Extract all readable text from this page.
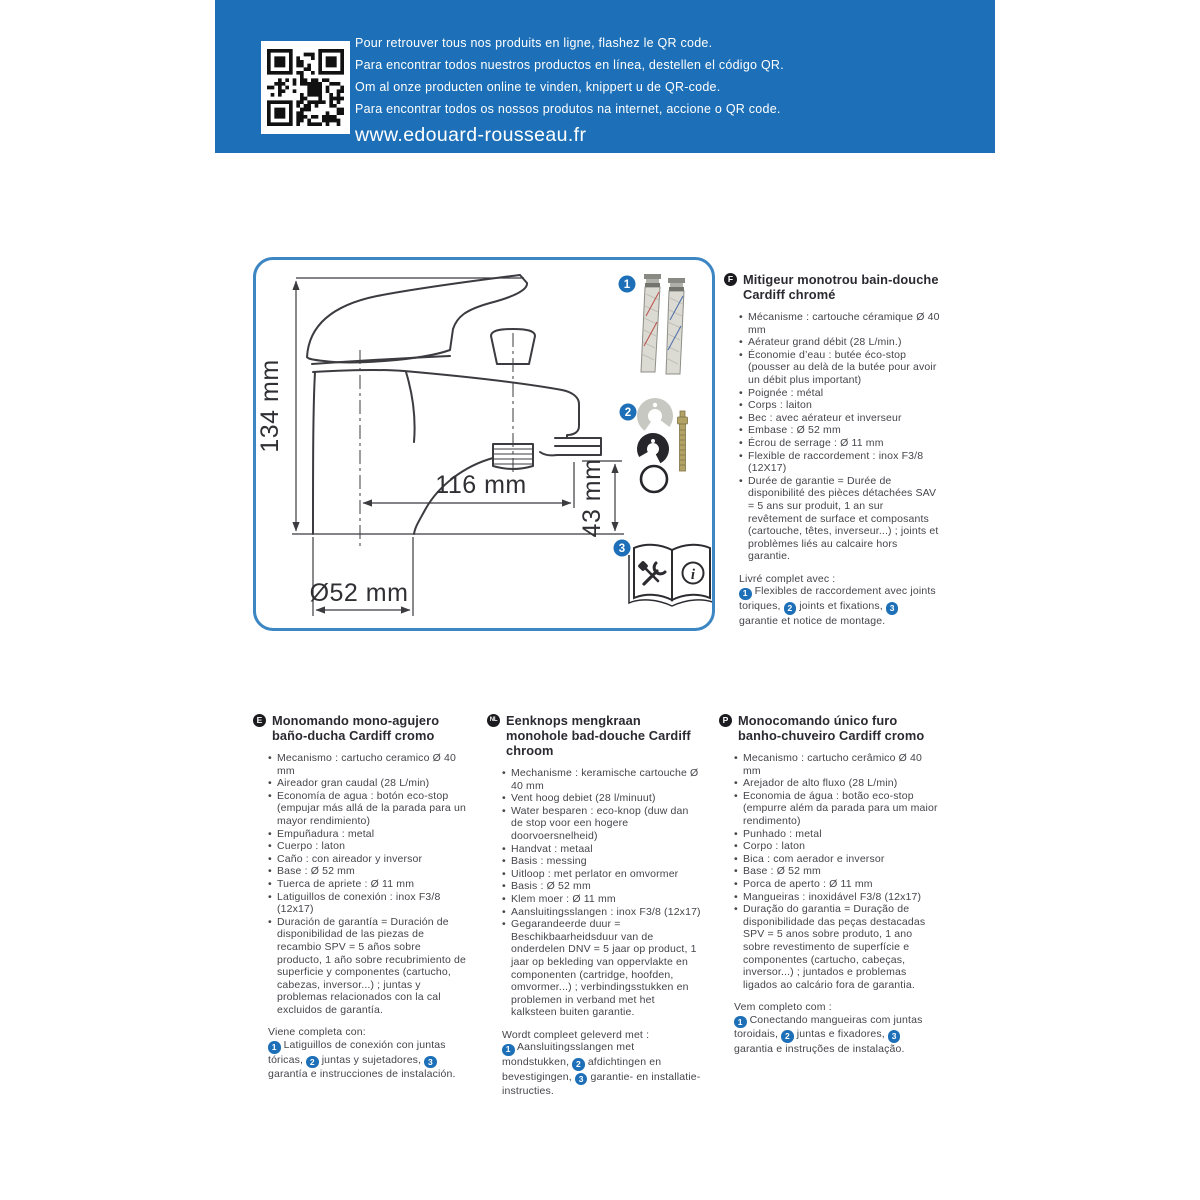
Pour retrouver tous nos produits en ligne, flashez le QR code.

Para encontrar todos nuestros productos en línea, destellen el código QR.

Om al onze producten online te vinden, knippert u de QR-code.

Para encontrar todos os nossos produtos na internet, accione o QR code.

www.edouard-rousseau.fr
134 mm
116 mm 43 mm
Ø52 mm
1
2
3
i
F Mitigeur monotrou bain-douche Cardiff chromé
• Mécanisme : cartouche céramique Ø 40 mm
• Aérateur grand débit (28 L/min.)
• Économie d’eau : butée éco-stop (pousser au delà de la butée pour avoir un débit plus important)
• Poignée : métal
• Corps : laiton
• Bec : avec aérateur et inverseur
• Embase : Ø 52 mm
• Écrou de serrage : Ø 11 mm
• Flexible de raccordement : inox F3/8 (12X17)
• Durée de garantie = Durée de disponibilité des pièces détachées SAV = 5 ans sur produit, 1 an sur revêtement de surface et composants (cartouche, têtes, inverseur...) ; joints et problèmes liés au calcaire hors garantie.

Livré complet avec :
1 Flexibles de raccordement avec joints toriques, 2 joints et fixations, 3 garantie et notice de montage.

E Monomando mono-agujero baño-ducha Cardiff cromo
• Mecanismo : cartucho ceramico Ø 40 mm
• Aireador gran caudal (28 L/min)
• Economía de agua : botón eco-stop (empujar más allá de la parada para un mayor rendimiento)
• Empuñadura : metal
• Cuerpo : laton
• Caño : con aireador y inversor
• Base : Ø 52 mm
• Tuerca de apriete : Ø 11 mm
• Latiguillos de conexión : inox F3/8 (12x17)
• Duración de garantía = Duración de disponibilidad de las piezas de recambio SPV = 5 años sobre producto, 1 año sobre recubrimiento de superficie y componentes (cartucho, cabezas, inversor...) ; juntas y problemas relacionados con la cal excluidos de garantía.

Viene completa con:
1 Latiguillos de conexión con juntas tóricas, 2 juntas y sujetadores, 3 garantía e instrucciones de instalación.

NL Eenknops mengkraan monohole bad-douche Cardiff chroom
• Mechanisme : keramische cartouche Ø 40 mm
• Vent hoog debiet (28 l/minuut)
• Water besparen : eco-knop (duw dan de stop voor een hogere doorvoersnelheid)
• Handvat : metaal
• Basis : messing
• Uitloop : met perlator en omvormer
• Basis : Ø 52 mm
• Klem moer : Ø 11 mm
• Aansluitingsslangen : inox F3/8 (12x17)
• Gegarandeerde duur = Beschikbaarheidsduur van de onderdelen DNV = 5 jaar op product, 1 jaar op bekleding van oppervlakte en componenten (cartridge, hoofden, omvormer...) ; verbindingsstukken en problemen in verband met het kalksteen buiten garantie.

Wordt compleet geleverd met :
1 Aansluitingsslangen met mondstukken, 2 afdichtingen en bevestigingen, 3 garantie- en installatie-instructies.

P Monocomando único furo banho-chuveiro Cardiff cromo
• Mecanismo : cartucho cerâmico Ø 40 mm
• Arejador de alto fluxo (28 L/min)
• Economia de água : botão eco-stop (empurre além da parada para um maior rendimento)
• Punhado : metal
• Corpo : laton
• Bica : com aerador e inversor
• Base : Ø 52 mm
• Porca de aperto : Ø 11 mm
• Mangueiras : inoxidável F3/8 (12x17)
• Duração do garantia = Duração de disponibilidade das peças destacadas SPV = 5 anos sobre produto, 1 ano sobre revestimento de superfície e componentes (cartucho, cabeças, inversor...) ; juntados e problemas ligados ao calcário fora de garantia.

Vem completo com :
1 Conectando mangueiras com juntas toroidais, 2 juntas e fixadores, 3 garantia e instruções de instalação.
